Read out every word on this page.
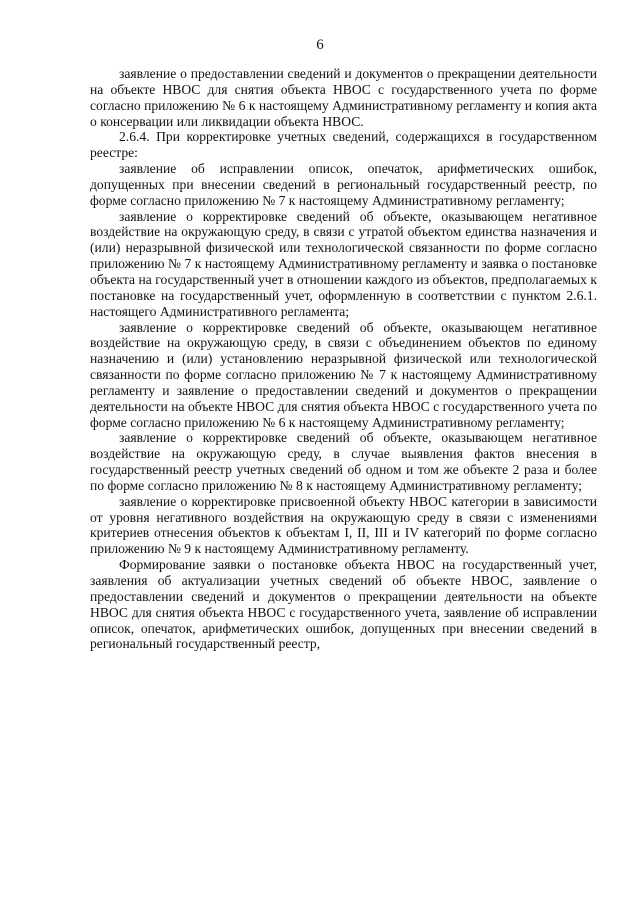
6

заявление о предоставлении сведений и документов о прекращении деятельности на объекте НВОС для снятия объекта НВОС с государственного учета по форме согласно приложению № 6 к настоящему Административному регламенту и копия акта о консервации или ликвидации объекта НВОС.

2.6.4. При корректировке учетных сведений, содержащихся в государственном реестре:

заявление об исправлении описок, опечаток, арифметических ошибок, допущенных при внесении сведений в региональный государственный реестр, по форме согласно приложению № 7 к настоящему Административному регламенту;

заявление о корректировке сведений об объекте, оказывающем негативное воздействие на окружающую среду, в связи с утратой объектом единства назначения и (или) неразрывной физической или технологической связанности по форме согласно приложению № 7 к настоящему Административному регламенту и заявка о постановке объекта на государственный учет в отношении каждого из объектов, предполагаемых к постановке на государственный учет, оформленную в соответствии с пунктом 2.6.1. настоящего Административного регламента;

заявление о корректировке сведений об объекте, оказывающем негативное воздействие на окружающую среду, в связи с объединением объектов по единому назначению и (или) установлению неразрывной физической или технологической связанности по форме согласно приложению № 7 к настоящему Административному регламенту и заявление о предоставлении сведений и документов о прекращении деятельности на объекте НВОС для снятия объекта НВОС с государственного учета по форме согласно приложению № 6 к настоящему Административному регламенту;

заявление о корректировке сведений об объекте, оказывающем негативное воздействие на окружающую среду, в случае выявления фактов внесения в государственный реестр учетных сведений об одном и том же объекте 2 раза и более по форме согласно приложению № 8 к настоящему Административному регламенту;

заявление о корректировке присвоенной объекту НВОС категории в зависимости от уровня негативного воздействия на окружающую среду в связи с изменениями критериев отнесения объектов к объектам I, II, III и IV категорий по форме согласно приложению № 9 к настоящему Административному регламенту.

Формирование заявки о постановке объекта НВОС на государственный учет, заявления об актуализации учетных сведений об объекте НВОС, заявление о предоставлении сведений и документов о прекращении деятельности на объекте НВОС для снятия объекта НВОС с государственного учета, заявление об исправлении описок, опечаток, арифметических ошибок, допущенных при внесении сведений в региональный государственный реестр,
